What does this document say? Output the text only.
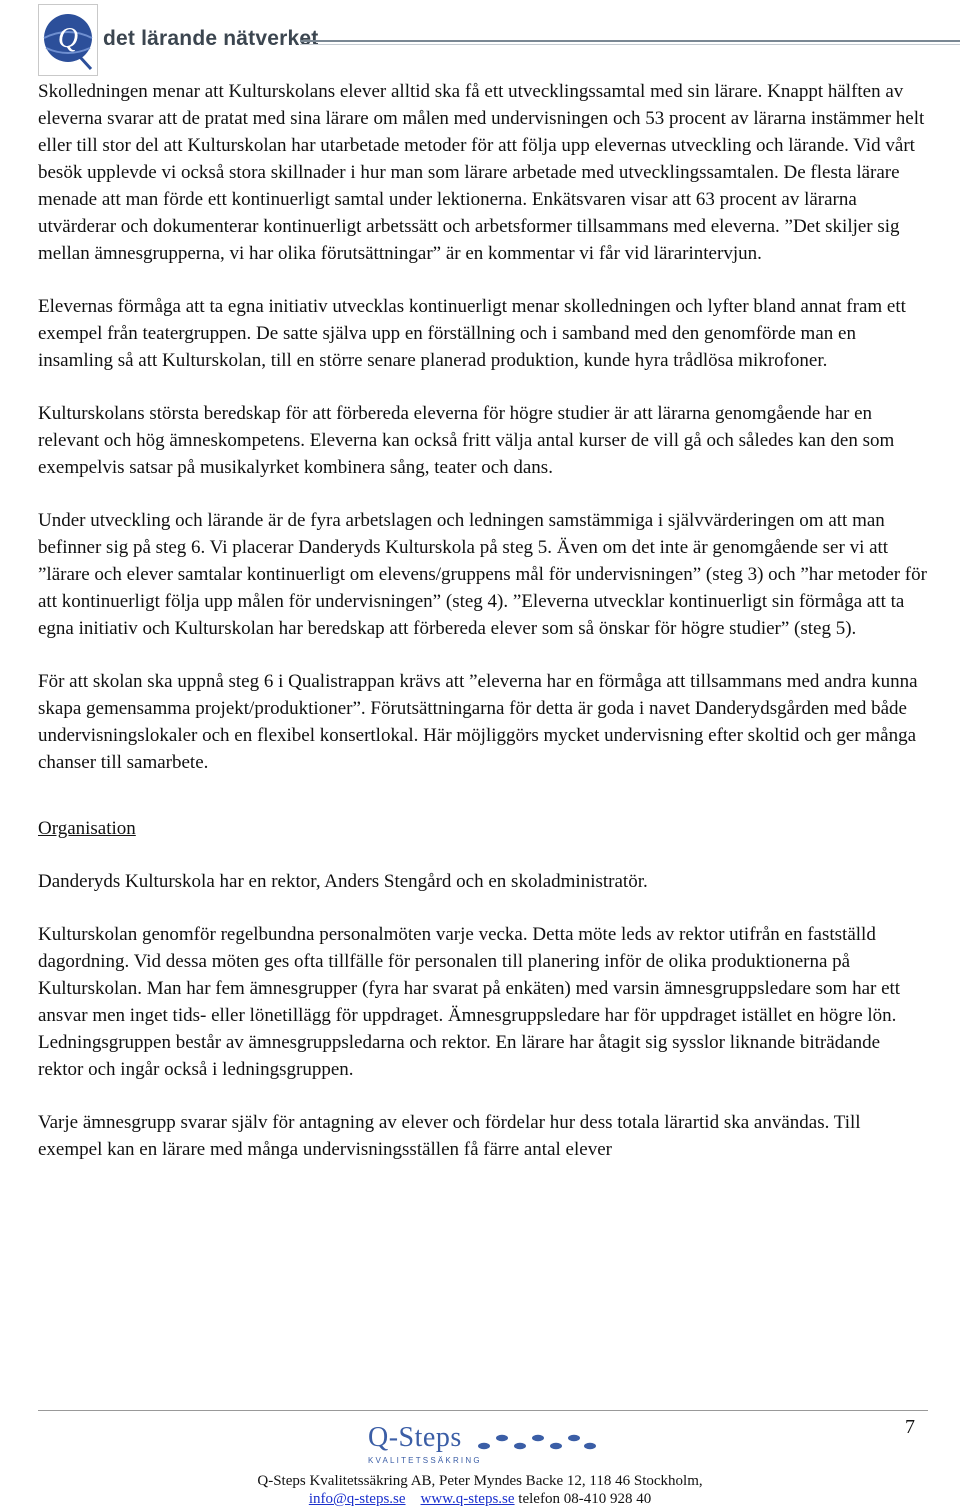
Q det lärande nätverket

Skolledningen menar att Kulturskolans elever alltid ska få ett utvecklingssamtal med sin lärare. Knappt hälften av eleverna svarar att de pratat med sina lärare om målen med undervisningen och 53 procent av lärarna instämmer helt eller till stor del att Kulturskolan har utarbetade metoder för att följa upp elevernas utveckling och lärande. Vid vårt besök upplevde vi också stora skillnader i hur man som lärare arbetade med utvecklingssamtalen. De flesta lärare menade att man förde ett kontinuerligt samtal under lektionerna. Enkätsvaren visar att 63 procent av lärarna utvärderar och dokumenterar kontinuerligt arbetssätt och arbetsformer tillsammans med eleverna. ”Det skiljer sig mellan ämnesgrupperna, vi har olika förutsättningar” är en kommentar vi får vid lärarintervjun.

Elevernas förmåga att ta egna initiativ utvecklas kontinuerligt menar skolledningen och lyfter bland annat fram ett exempel från teatergruppen. De satte själva upp en förställning och i samband med den genomförde man en insamling så att Kulturskolan, till en större senare planerad produktion, kunde hyra trådlösa mikrofoner.

Kulturskolans största beredskap för att förbereda eleverna för högre studier är att lärarna genomgående har en relevant och hög ämneskompetens. Eleverna kan också fritt välja antal kurser de vill gå och således kan den som exempelvis satsar på musikalyrket kombinera sång, teater och dans.

Under utveckling och lärande är de fyra arbetslagen och ledningen samstämmiga i självvärderingen om att man befinner sig på steg 6. Vi placerar Danderyds Kulturskola på steg 5. Även om det inte är genomgående ser vi att ”lärare och elever samtalar kontinuerligt om elevens/gruppens mål för undervisningen” (steg 3) och ”har metoder för att kontinuerligt följa upp målen för undervisningen” (steg 4). ”Eleverna utvecklar kontinuerligt sin förmåga att ta egna initiativ och Kulturskolan har beredskap att förbereda elever som så önskar för högre studier” (steg 5).

För att skolan ska uppnå steg 6 i Qualistrappan krävs att ”eleverna har en förmåga att tillsammans med andra kunna skapa gemensamma projekt/produktioner”. Förutsättningarna för detta är goda i navet Danderydsgården med både undervisningslokaler och en flexibel konsertlokal. Här möjliggörs mycket undervisning efter skoltid och ger många chanser till samarbete.

Organisation

Danderyds Kulturskola har en rektor, Anders Stengård och en skoladministratör.

Kulturskolan genomför regelbundna personalmöten varje vecka. Detta möte leds av rektor utifrån en fastställd dagordning. Vid dessa möten ges ofta tillfälle för personalen till planering inför de olika produktionerna på Kulturskolan. Man har fem ämnesgrupper (fyra har svarat på enkäten) med varsin ämnesgruppsledare som har ett ansvar men inget tids- eller lönetillägg för uppdraget. Ämnesgruppsledare har för uppdraget istället en högre lön. Ledningsgruppen består av ämnesgruppsledarna och rektor. En lärare har åtagit sig sysslor liknande biträdande rektor och ingår också i ledningsgruppen.

Varje ämnesgrupp svarar själv för antagning av elever och fördelar hur dess totala lärartid ska användas. Till exempel kan en lärare med många undervisningsställen få färre antal elever

7
Q-Steps
KVALITETSSÄKRING
Q-Steps Kvalitetssäkring AB, Peter Myndes Backe 12, 118 46 Stockholm,
info@q-steps.se www.q-steps.se telefon 08-410 928 40
